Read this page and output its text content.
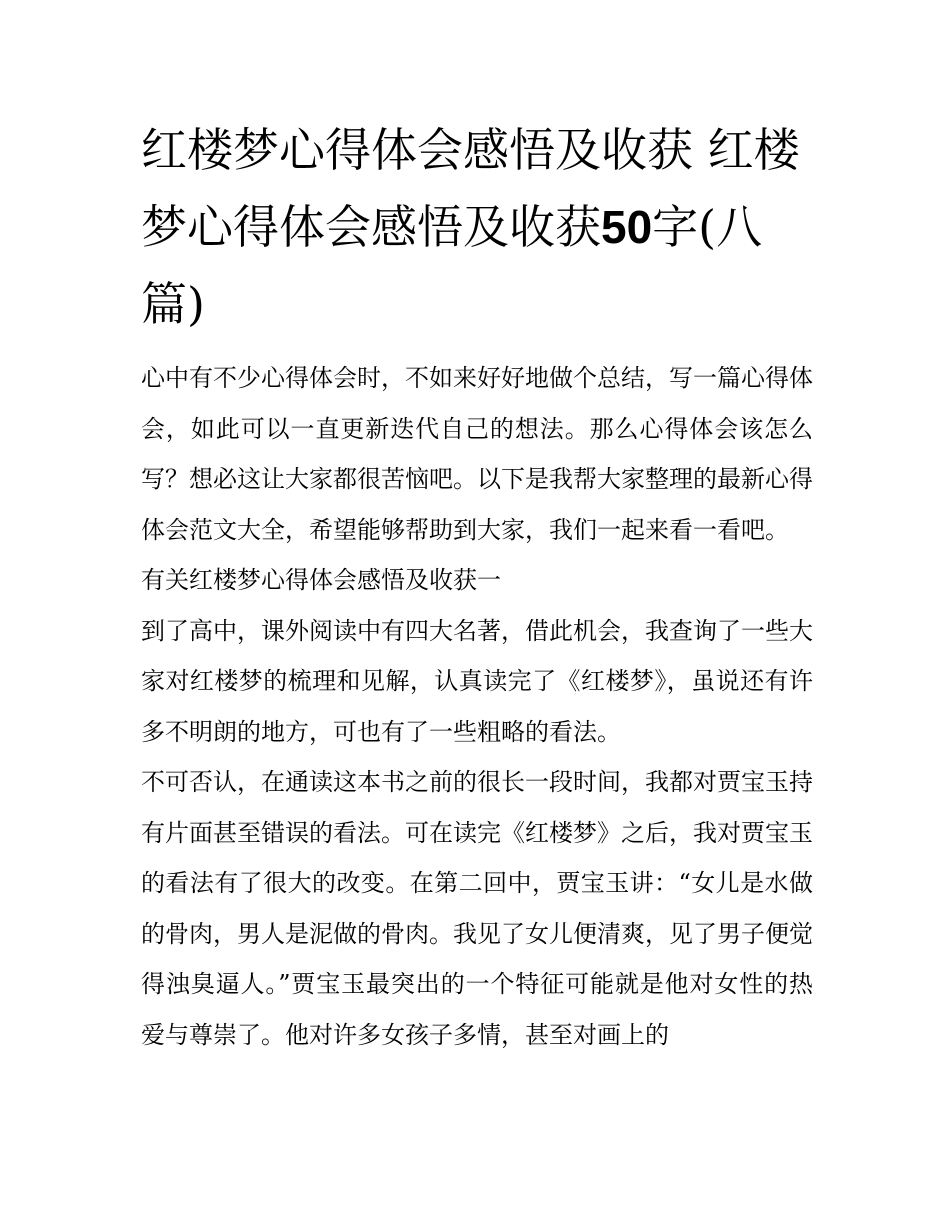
红楼梦心得体会感悟及收获 红楼梦心得体会感悟及收获50字(八篇)

心中有不少心得体会时，不如来好好地做个总结，写一篇心得体会，如此可以一直更新迭代自己的想法。那么心得体会该怎么写？想必这让大家都很苦恼吧。以下是我帮大家整理的最新心得体会范文大全，希望能够帮助到大家，我们一起来看一看吧。

有关红楼梦心得体会感悟及收获一

到了高中，课外阅读中有四大名著，借此机会，我查询了一些大家对红楼梦的梳理和见解，认真读完了《红楼梦》，虽说还有许多不明朗的地方，可也有了一些粗略的看法。

不可否认，在通读这本书之前的很长一段时间，我都对贾宝玉持有片面甚至错误的看法。可在读完《红楼梦》之后，我对贾宝玉的看法有了很大的改变。在第二回中，贾宝玉讲：“女儿是水做的骨肉，男人是泥做的骨肉。我见了女儿便清爽，见了男子便觉得浊臭逼人。”贾宝玉最突出的一个特征可能就是他对女性的热爱与尊崇了。他对许多女孩子多情，甚至对画上的
